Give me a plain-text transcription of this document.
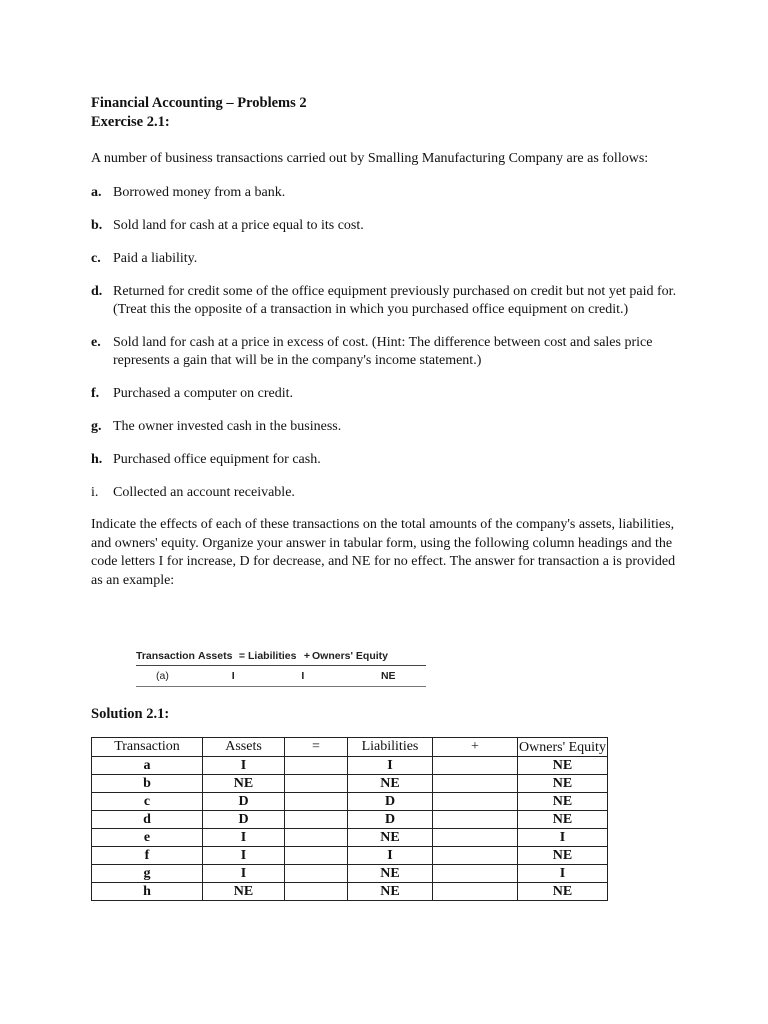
Financial Accounting – Problems 2
Exercise 2.1:
A number of business transactions carried out by Smalling Manufacturing Company are as follows:
a. Borrowed money from a bank.
b. Sold land for cash at a price equal to its cost.
c. Paid a liability.
d. Returned for credit some of the office equipment previously purchased on credit but not yet paid for. (Treat this the opposite of a transaction in which you purchased office equipment on credit.)
e. Sold land for cash at a price in excess of cost. (Hint: The difference between cost and sales price represents a gain that will be in the company's income statement.)
f. Purchased a computer on credit.
g. The owner invested cash in the business.
h. Purchased office equipment for cash.
i.	Collected an account receivable.
Indicate the effects of each of these transactions on the total amounts of the company's assets, liabilities, and owners' equity. Organize your answer in tabular form, using the following column headings and the code letters I for increase, D for decrease, and NE for no effect. The answer for transaction a is provided as an example:
Transaction Assets = Liabilities + Owners' Equity
(a)	I	I	NE
Solution 2.1:
Transaction	Assets	=	Liabilities	+	Owners' Equity
a	I		I		NE
b	NE		NE		NE
c	D		D		NE
d	D		D		NE
e	I		NE		I
f	I		I		NE
g	I		NE		I
h	NE		NE		NE
